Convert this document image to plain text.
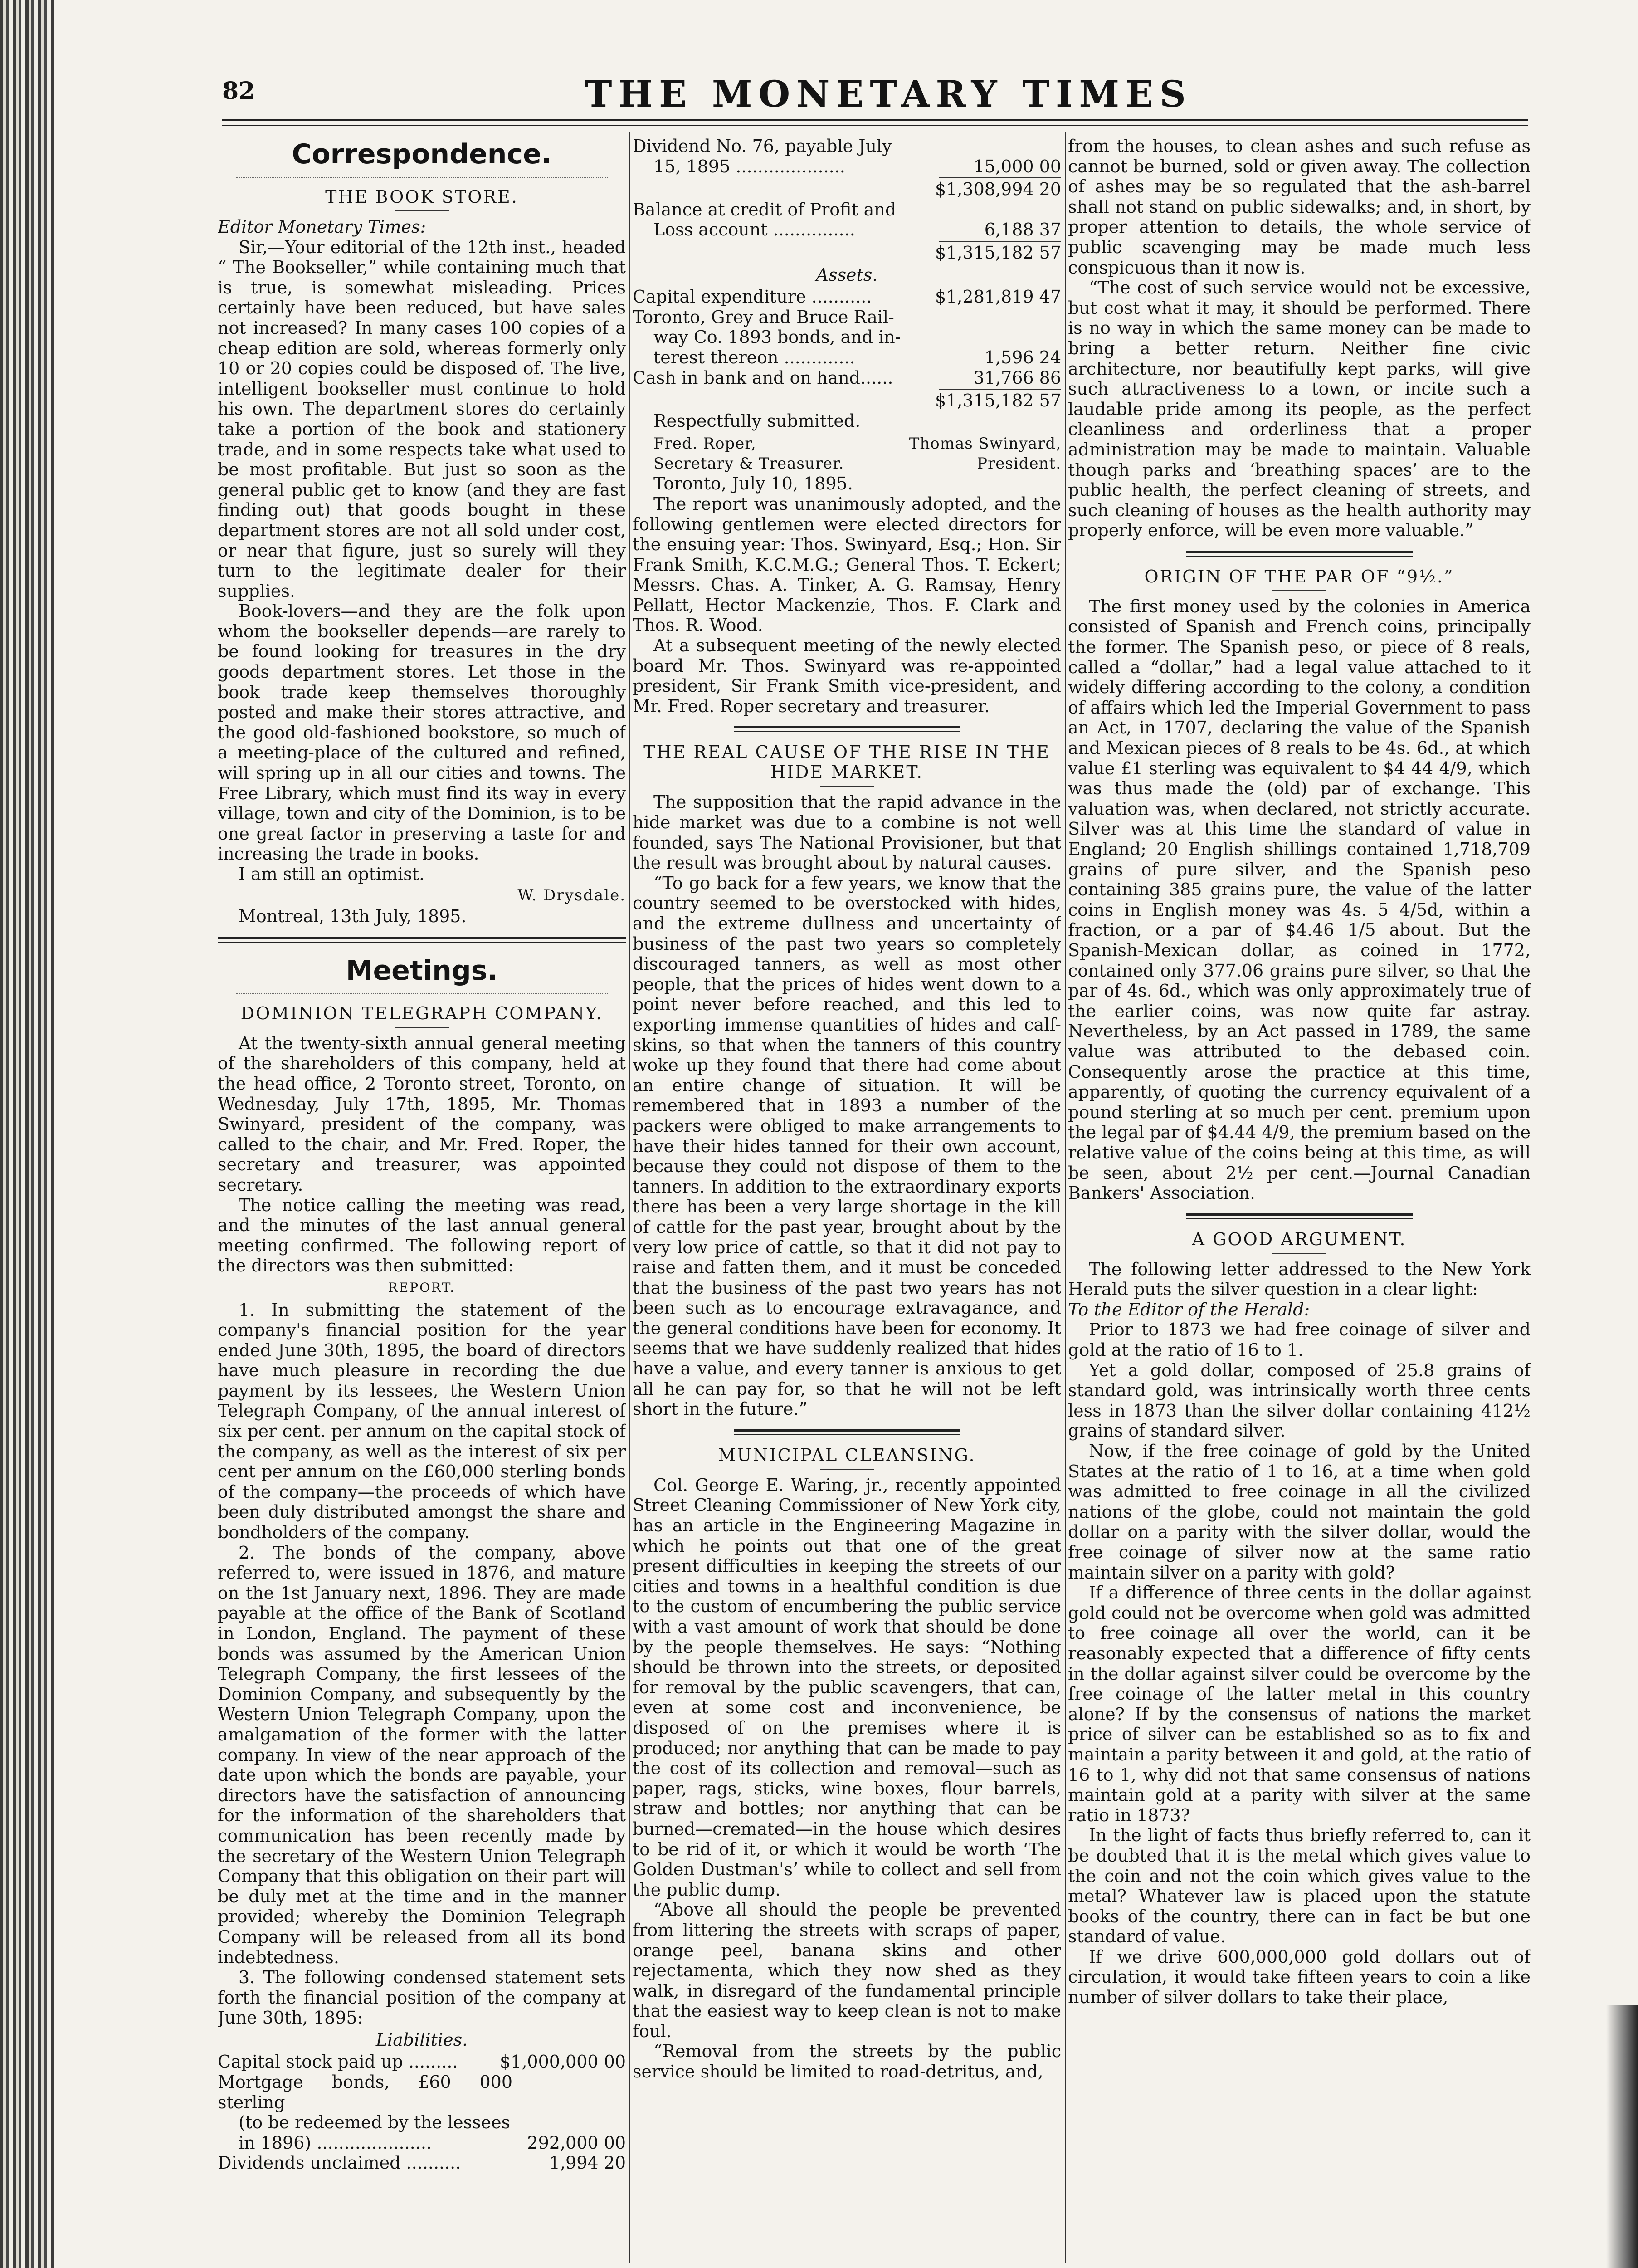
82	THE MONETARY TIMES
Correspondence.
THE BOOK STORE.

Editor Monetary Times:

Sir,—Your editorial of the 12th inst., headed “ The Bookseller,” while containing much that is true, is somewhat misleading. Prices certainly have been reduced, but have sales not increased? In many cases 100 copies of a cheap edition are sold, whereas formerly only 10 or 20 copies could be disposed of. The live, intelligent bookseller must continue to hold his own. The department stores do certainly take a portion of the book and stationery trade, and in some respects take what used to be most profitable. But just so soon as the general public get to know (and they are fast finding out) that goods bought in these department stores are not all sold under cost, or near that figure, just so surely will they turn to the legitimate dealer for their supplies.

Book-lovers—and they are the folk upon whom the bookseller depends—are rarely to be found looking for treasures in the dry goods department stores. Let those in the book trade keep themselves thoroughly posted and make their stores attractive, and the good old-fashioned bookstore, so much of a meeting-place of the cultured and refined, will spring up in all our cities and towns. The Free Library, which must find its way in every village, town and city of the Dominion, is to be one great factor in preserving a taste for and increasing the trade in books.

I am still an optimist.

W. Drysdale.

Montreal, 13th July, 1895.

Meetings.
DOMINION TELEGRAPH COMPANY.

At the twenty-sixth annual general meeting of the shareholders of this company, held at the head office, 2 Toronto street, Toronto, on Wednesday, July 17th, 1895, Mr. Thomas Swinyard, president of the company, was called to the chair, and Mr. Fred. Roper, the secretary and treasurer, was appointed secretary.

The notice calling the meeting was read, and the minutes of the last annual general meeting confirmed. The following report of the directors was then submitted:

REPORT.

1. In submitting the statement of the company's financial position for the year ended June 30th, 1895, the board of directors have much pleasure in recording the due payment by its lessees, the Western Union Telegraph Company, of the annual interest of six per cent. per annum on the capital stock of the company, as well as the interest of six per cent per annum on the £60,000 sterling bonds of the company—the proceeds of which have been duly distributed amongst the share and bondholders of the company.

2. The bonds of the company, above referred to, were issued in 1876, and mature on the 1st January next, 1896. They are made payable at the office of the Bank of Scotland in London, England. The payment of these bonds was assumed by the American Union Telegraph Company, the first lessees of the Dominion Company, and subsequently by the Western Union Telegraph Company, upon the amalgamation of the former with the latter company. In view of the near approach of the date upon which the bonds are payable, your directors have the satisfaction of announcing for the information of the shareholders that communication has been recently made by the secretary of the Western Union Telegraph Company that this obligation on their part will be duly met at the time and in the manner provided; whereby the Dominion Telegraph Company will be released from all its bond indebtedness.

3. The following condensed statement sets forth the financial position of the company at June 30th, 1895:

Liabilities.
Capital stock paid up .........	$1,000,000 00
Mortgage bonds, £60 000 sterling
(to be redeemed by the lessees
in 1896) .....................	292,000 00
Dividends unclaimed ..........	1,994 20
Dividend No. 76, payable July
15, 1895 ....................	15,000 00
$1,308,994 20
Balance at credit of Profit and
Loss account ...............	6,188 37
$1,315,182 57
Assets.
Capital expenditure ...........	$1,281,819 47
Toronto, Grey and Bruce Rail-
way Co. 1893 bonds, and in-
terest thereon .............	1,596 24
Cash in bank and on hand......	31,766 86
$1,315,182 57

Respectfully submitted.

Fred. Roper,
Secretary & Treasurer.
Thomas Swinyard,
President.

Toronto, July 10, 1895.

The report was unanimously adopted, and the following gentlemen were elected directors for the ensuing year: Thos. Swinyard, Esq.; Hon. Sir Frank Smith, K.C.M.G.; General Thos. T. Eckert; Messrs. Chas. A. Tinker, A. G. Ramsay, Henry Pellatt, Hector Mackenzie, Thos. F. Clark and Thos. R. Wood.

At a subsequent meeting of the newly elected board Mr. Thos. Swinyard was re-appointed president, Sir Frank Smith vice-president, and Mr. Fred. Roper secretary and treasurer.

THE REAL CAUSE OF THE RISE IN THE HIDE MARKET.

The supposition that the rapid advance in the hide market was due to a combine is not well founded, says The National Provisioner, but that the result was brought about by natural causes.

“To go back for a few years, we know that the country seemed to be overstocked with hides, and the extreme dullness and uncertainty of business of the past two years so completely discouraged tanners, as well as most other people, that the prices of hides went down to a point never before reached, and this led to exporting immense quantities of hides and calf-skins, so that when the tanners of this country woke up they found that there had come about an entire change of situation. It will be remembered that in 1893 a number of the packers were obliged to make arrangements to have their hides tanned for their own account, because they could not dispose of them to the tanners. In addition to the extraordinary exports there has been a very large shortage in the kill of cattle for the past year, brought about by the very low price of cattle, so that it did not pay to raise and fatten them, and it must be conceded that the business of the past two years has not been such as to encourage extravagance, and the general conditions have been for economy. It seems that we have suddenly realized that hides have a value, and every tanner is anxious to get all he can pay for, so that he will not be left short in the future.”

MUNICIPAL CLEANSING.

Col. George E. Waring, jr., recently appointed Street Cleaning Commissioner of New York city, has an article in the Engineering Magazine in which he points out that one of the great present difficulties in keeping the streets of our cities and towns in a healthful condition is due to the custom of encumbering the public service with a vast amount of work that should be done by the people themselves. He says: “Nothing should be thrown into the streets, or deposited for removal by the public scavengers, that can, even at some cost and inconvenience, be disposed of on the premises where it is produced; nor anything that can be made to pay the cost of its collection and removal—such as paper, rags, sticks, wine boxes, flour barrels, straw and bottles; nor anything that can be burned—cremated—in the house which desires to be rid of it, or which it would be worth ‘The Golden Dustman's’ while to collect and sell from the public dump.

“Above all should the people be prevented from littering the streets with scraps of paper, orange peel, banana skins and other rejectamenta, which they now shed as they walk, in disregard of the fundamental principle that the easiest way to keep clean is not to make foul.

“Removal from the streets by the public service should be limited to road-detritus, and,

from the houses, to clean ashes and such refuse as cannot be burned, sold or given away. The collection of ashes may be so regulated that the ash-barrel shall not stand on public sidewalks; and, in short, by proper attention to details, the whole service of public scavenging may be made much less conspicuous than it now is.

“The cost of such service would not be excessive, but cost what it may, it should be performed. There is no way in which the same money can be made to bring a better return. Neither fine civic architecture, nor beautifully kept parks, will give such attractiveness to a town, or incite such a laudable pride among its people, as the perfect cleanliness and orderliness that a proper administration may be made to maintain. Valuable though parks and ‘breathing spaces’ are to the public health, the perfect cleaning of streets, and such cleaning of houses as the health authority may properly enforce, will be even more valuable.”

ORIGIN OF THE PAR OF “9½.”

The first money used by the colonies in America consisted of Spanish and French coins, principally the former. The Spanish peso, or piece of 8 reals, called a “dollar,” had a legal value attached to it widely differing according to the colony, a condition of affairs which led the Imperial Government to pass an Act, in 1707, declaring the value of the Spanish and Mexican pieces of 8 reals to be 4s. 6d., at which value £1 sterling was equivalent to $4 44 4/9, which was thus made the (old) par of exchange. This valuation was, when declared, not strictly accurate. Silver was at this time the standard of value in England; 20 English shillings contained 1,718,709 grains of pure silver, and the Spanish peso containing 385 grains pure, the value of the latter coins in English money was 4s. 5 4/5d, within a fraction, or a par of $4.46 1/5 about. But the Spanish-Mexican dollar, as coined in 1772, contained only 377.06 grains pure silver, so that the par of 4s. 6d., which was only approximately true of the earlier coins, was now quite far astray. Nevertheless, by an Act passed in 1789, the same value was attributed to the debased coin. Consequently arose the practice at this time, apparently, of quoting the currency equivalent of a pound sterling at so much per cent. premium upon the legal par of $4.44 4/9, the premium based on the relative value of the coins being at this time, as will be seen, about 2½ per cent.—Journal Canadian Bankers' Association.

A GOOD ARGUMENT.

The following letter addressed to the New York Herald puts the silver question in a clear light:

To the Editor of the Herald:

Prior to 1873 we had free coinage of silver and gold at the ratio of 16 to 1.

Yet a gold dollar, composed of 25.8 grains of standard gold, was intrinsically worth three cents less in 1873 than the silver dollar containing 412½ grains of standard silver.

Now, if the free coinage of gold by the United States at the ratio of 1 to 16, at a time when gold was admitted to free coinage in all the civilized nations of the globe, could not maintain the gold dollar on a parity with the silver dollar, would the free coinage of silver now at the same ratio maintain silver on a parity with gold?

If a difference of three cents in the dollar against gold could not be overcome when gold was admitted to free coinage all over the world, can it be reasonably expected that a difference of fifty cents in the dollar against silver could be overcome by the free coinage of the latter metal in this country alone? If by the consensus of nations the market price of silver can be established so as to fix and maintain a parity between it and gold, at the ratio of 16 to 1, why did not that same consensus of nations maintain gold at a parity with silver at the same ratio in 1873?

In the light of facts thus briefly referred to, can it be doubted that it is the metal which gives value to the coin and not the coin which gives value to the metal? Whatever law is placed upon the statute books of the country, there can in fact be but one standard of value.

If we drive 600,000,000 gold dollars out of circulation, it would take fifteen years to coin a like number of silver dollars to take their place,
